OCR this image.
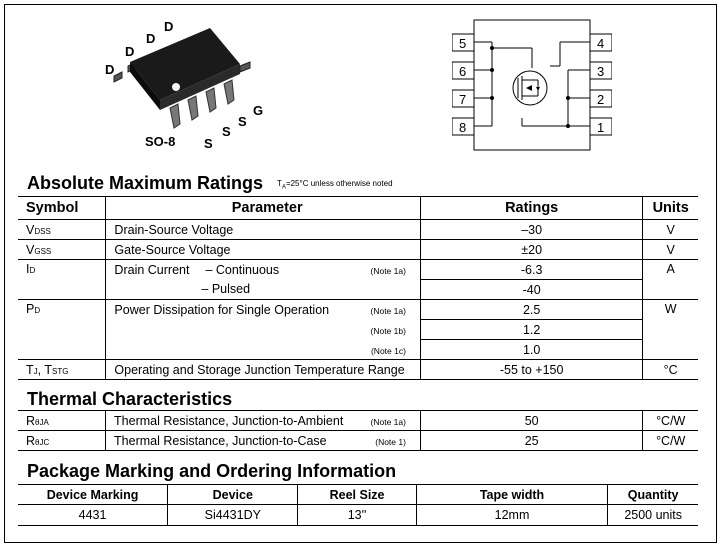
D
D
D
D
S
S
S
G
SO-8
5
6
7
8
4
3
2
1
Absolute Maximum Ratings $T_A=25^\circ C$ unless otherwise noted
Symbol	Parameter	Ratings	Units
VDSS	Drain-Source Voltage	–30	V
VGSS	Gate-Source Voltage	±20	V
ID	Drain Current – Continuous (Note 1a)	-6.3	A
	– Pulsed	-40	
PD	Power Dissipation for Single Operation (Note 1a)	2.5	W

	(Note 1b)	1.2	

	(Note 1c)	1.0	
TJ, TSTG	Operating and Storage Junction Temperature Range	-55 to +150	°C
Thermal Characteristics
RθJA	Thermal Resistance, Junction-to-Ambient (Note 1a)	50	°C/W
RθJC	Thermal Resistance, Junction-to-Case (Note 1)	25	°C/W
Package Marking and Ordering Information
Device Marking	Device	Reel Size	Tape width	Quantity
4431	Si4431DY	13''	12mm	2500 units
